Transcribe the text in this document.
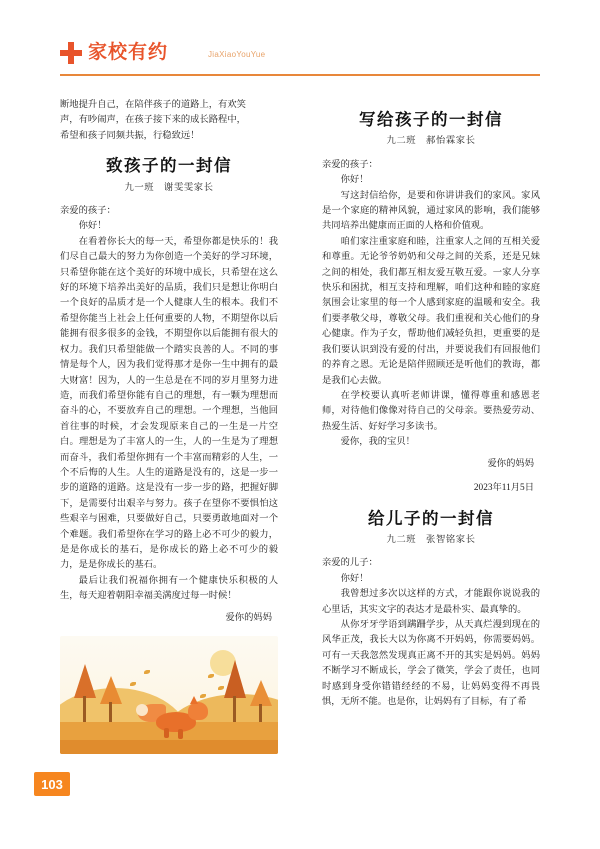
家校有约	JiaXiaoYouYue

断地提升自己，在陪伴孩子的道路上，有欢笑

声，有吵闹声，在孩子接下来的成长路程中，

希望和孩子同频共振，行稳致远！

致孩子的一封信
九一班　谢雯雯家长

亲爱的孩子：

你好！

在看着你长大的每一天，希望你都是快乐的！我们尽自己最大的努力为你创造一个美好的学习环境，只希望你能在这个美好的环境中成长，只希望在这么好的环境下培养出美好的品质，我们只是想让你明白一个良好的品质才是一个人健康人生的根本。我们不希望你能当上社会上任何重要的人物，不期望你以后能拥有很多很多的金钱，不期望你以后能拥有很大的权力。我们只希望能做一个踏实良善的人。不同的事情是每个人，因为我们觉得那才是你一生中拥有的最大财富！因为，人的一生总是在不同的岁月里努力进造，而我们希望你能有自己的理想，有一颗为理想而奋斗的心，不要放弃自己的理想。一个理想，当他回首往事的时候，才会发现原来自己的一生是一片空白。理想是为了丰富人的一生，人的一生是为了理想而奋斗，我们希望你拥有一个丰富而精彩的人生，一个不后悔的人生。人生的道路是没有的，这是一步一步的道路的道路。这是没有一步一步的路，把握好脚下，是需要付出艰辛与努力。孩子在望你不要惧怕这些艰辛与困难，只要做好自己，只要勇敢地面对一个个难题。我们希望你在学习的路上必不可少的毅力，是是你成长的基石，是你成长的路上必不可少的毅力，是是你成长的基石。

最后让我们祝福你拥有一个健康快乐积极的人生，每天迎着朝阳幸福美满度过每一时候！

爱你的妈妈

写给孩子的一封信
九二班　郝怡霖家长

亲爱的孩子：

你好！

写这封信给你，是要和你讲讲我们的家风。家风是一个家庭的精神风貌，通过家风的影响，我们能够共同培养出健康而正面的人格和价值观。

咱们家注重家庭和睦，注重家人之间的互相关爱和尊重。无论爷爷奶奶和父母之间的关系，还是兄妹之间的相处，我们都互相友爱互敬互爱。一家人分享快乐和困扰，相互支持和理解，咱们这种和睦的家庭氛围会让家里的每一个人感到家庭的温暖和安全。我们要孝敬父母，尊敬父母。我们重视和关心他们的身心健康。作为子女，帮助他们减轻负担，更重要的是我们要认识到没有爱的付出，并要说我们有回报他们的养育之恩。无论是陪伴照顾还是听他们的教诲，都是我们心去做。

在学校要认真听老师讲课，懂得尊重和感恩老师，对待他们像像对待自己的父母亲。要热爱劳动、热爱生活、好好学习多读书。

爱你，我的宝贝！

爱你的妈妈

2023年11月5日

给儿子的一封信
九二班　张智铭家长

亲爱的儿子：

你好！

我曾想过多次以这样的方式，才能跟你说说我的心里话，其实文字的表达才是最朴实、最真挚的。

从你牙牙学语到蹒跚学步，从天真烂漫到现在的风华正茂，我长大以为你离不开妈妈，你需要妈妈。可有一天我忽然发现真正离不开的其实是妈妈。妈妈不断学习不断成长，学会了微笑，学会了责任，也同时感到身受你错错经经的不易，让妈妈变得不再畏惧，无所不能。也是你，让妈妈有了目标，有了希

103
